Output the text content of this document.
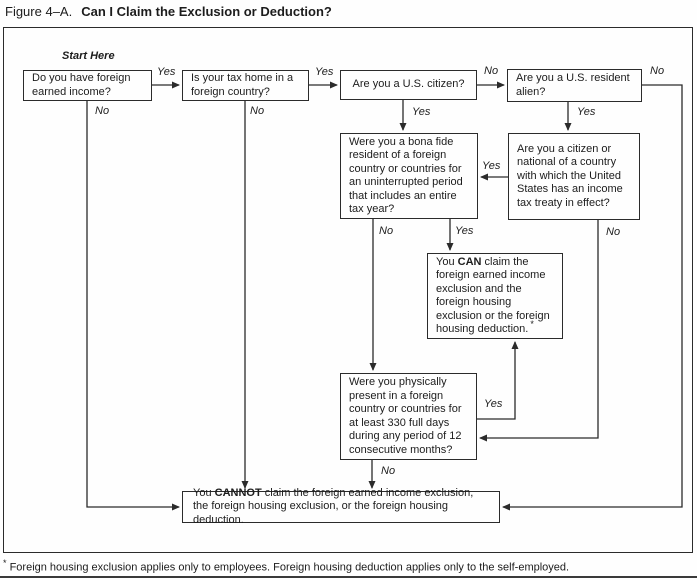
Figure 4–A. Can I Claim the Exclusion or Deduction?
Start Here
Do you have foreign earned income?
Is your tax home in a foreign country?
Are you a U.S. citizen?
Are you a U.S. resident alien?
Were you a bona fide resident of a foreign country or countries for an uninterrupted period that includes an entire tax year?
Are you a citizen or national of a country with which the United States has an income tax treaty in effect?
You CAN claim the foreign earned income exclusion and the foreign housing exclusion or the foreign housing deduction. *
Were you physically present in a foreign country or countries for at least 330 full days during any period of 12 consecutive months?
You CANNOT claim the foreign earned income exclusion, the foreign housing exclusion, or the foreign housing deduction.
Yes	Yes	No	No
No	No	Yes	Yes
Yes
No	Yes	No
Yes
No
* Foreign housing exclusion applies only to employees. Foreign housing deduction applies only to the self-employed.
